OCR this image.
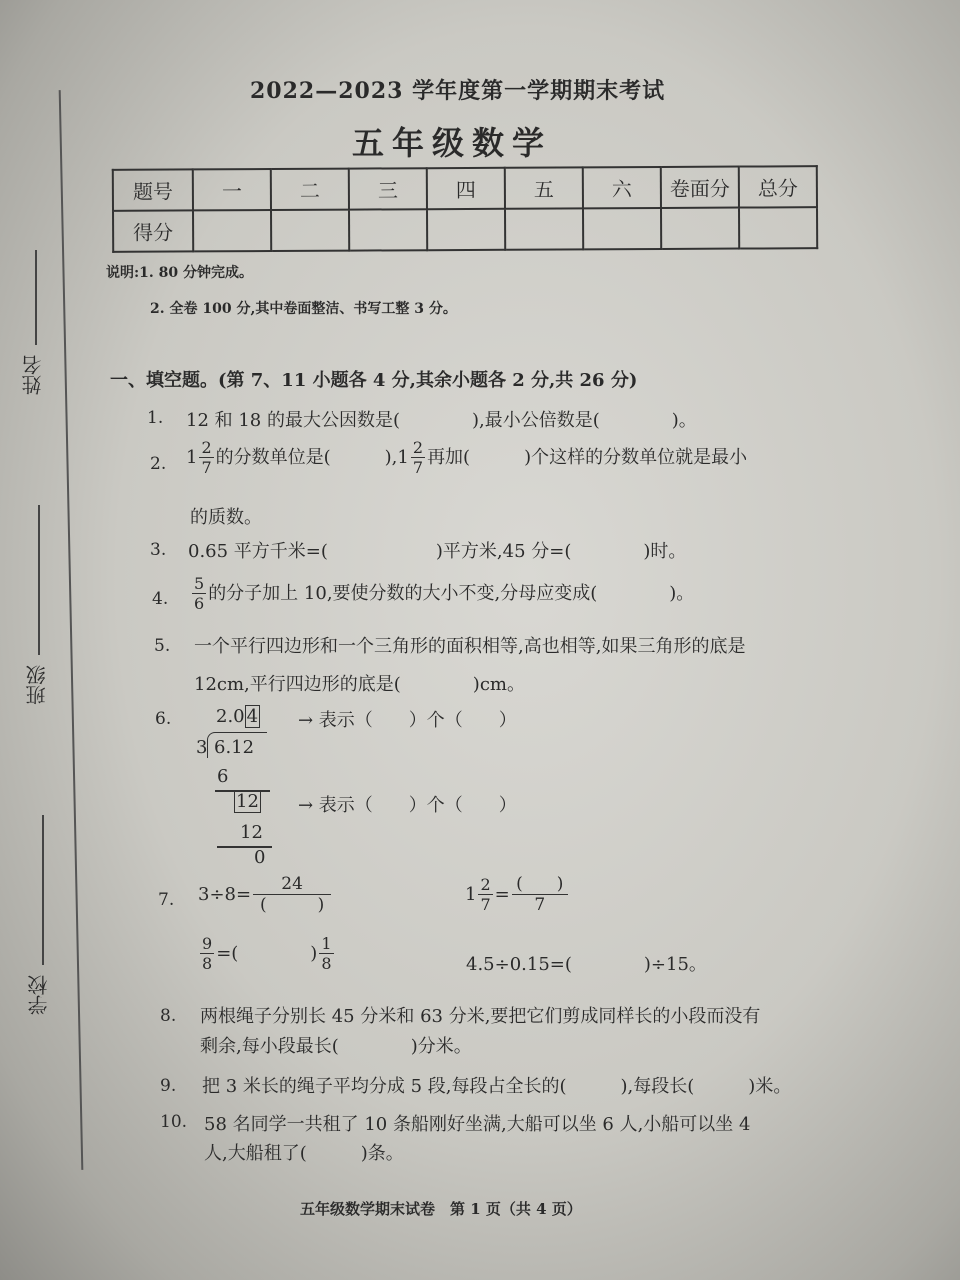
姓名
班级
学校
2022—2023 学年度第一学期期末考试
五年级数学
题号	一	二	三	四	五	六	卷面分	总分
得分								
说明:1. 80 分钟完成。
2. 全卷 100 分,其中卷面整洁、书写工整 3 分。
一、填空题。(第 7、11 小题各 4 分,其余小题各 2 分,共 26 分)
1. 12 和 18 的最大公因数是(　　　　),最小公倍数是(　　　　)。
2. $1 \frac{2}{7}$ 的分数单位是(　　　)$,1 \frac{2}{7}$ 再加(　　　)个这样的分数单位就是最小
的质数。
3. 0.65 平方千米=(　　　　　　)平方米,45 分=(　　　　)时。
4. $\frac{5}{6}$ 的分子加上 10,要使分数的大小不变,分母应变成(　　　　)。
5. 一个平行四边形和一个三角形的面积相等,高也相等,如果三角形的底是
12cm,平行四边形的底是(　　　　)cm。
6. 2.0 4 → 表示（　　）个（　　）
3 6.12
6
12 → 表示（　　）个（　　）
12
0
7. $3\div 8= \frac{24}{( )}$	$1 \frac{2}{7} = \frac{( )}{7}$
$\frac{9}{8}$ =(　　　　) $\frac{1}{8}$	4.5÷0.15=(　　　　)÷15。
8. 两根绳子分别长 45 分米和 63 分米,要把它们剪成同样长的小段而没有
剩余,每小段最长(　　　　)分米。
9. 把 3 米长的绳子平均分成 5 段,每段占全长的(　　　),每段长(　　　)米。
10. 58 名同学一共租了 10 条船刚好坐满,大船可以坐 6 人,小船可以坐 4
人,大船租了(　　　)条。
五年级数学期末试卷　第 1 页（共 4 页）
